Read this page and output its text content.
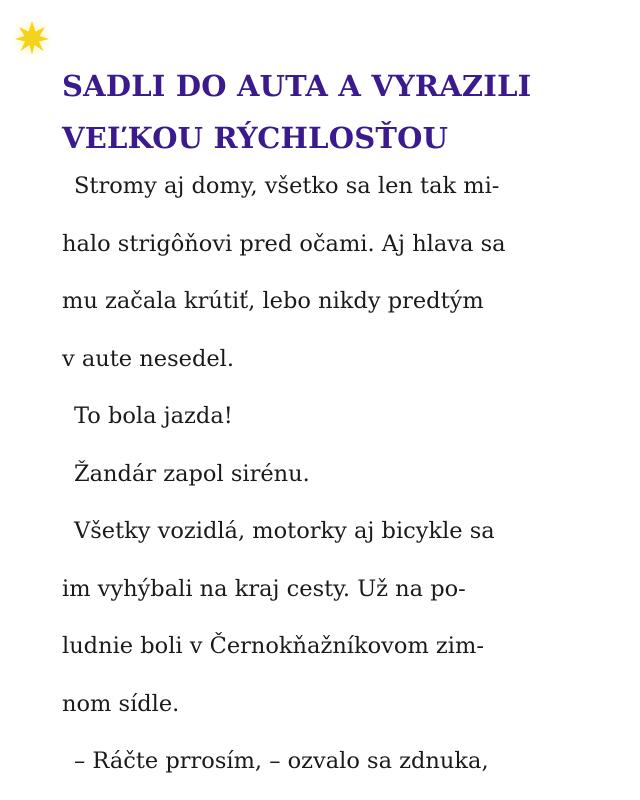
SADLI DO AUTA A VYRAZILI
VEĽKOU RÝCHLOSŤOU
Stromy aj domy, všetko sa len tak mi-
halo strigôňovi pred očami. Aj hlava sa
mu začala krútiť, lebo nikdy predtým
v aute nesedel.
To bola jazda!
Žandár zapol sirénu.
Všetky vozidlá, motorky aj bicykle sa
im vyhýbali na kraj cesty. Už na po-
ludnie boli v Černokňažníkovom zim-
nom sídle.
– Ráčte prrosím, – ozvalo sa zdnuka,
